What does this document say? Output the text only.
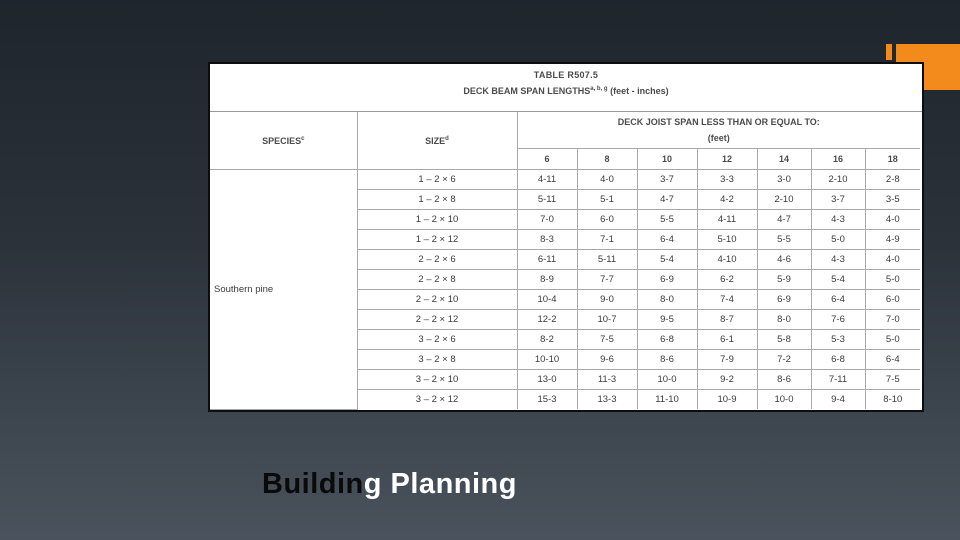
TABLE R507.5
DECK BEAM SPAN LENGTHS$^{a, b, g}$ (feet - inches)
SPECIES$^c$	SIZE$^d$	DECK JOIST SPAN LESS THAN OR EQUAL TO:
(feet)						

		6	8	10	12	14	16	18
Southern pine	1 – 2 × 6	4-11	4-0	3-7	3-3	3-0	2-10	2-8
	1 – 2 × 8	5-11	5-1	4-7	4-2	2-10	3-7	3-5
	1 – 2 × 10	7-0	6-0	5-5	4-11	4-7	4-3	4-0
	1 – 2 × 12	8-3	7-1	6-4	5-10	5-5	5-0	4-9
	2 – 2 × 6	6-11	5-11	5-4	4-10	4-6	4-3	4-0
	2 – 2 × 8	8-9	7-7	6-9	6-2	5-9	5-4	5-0
	2 – 2 × 10	10-4	9-0	8-0	7-4	6-9	6-4	6-0
	2 – 2 × 12	12-2	10-7	9-5	8-7	8-0	7-6	7-0
	3 – 2 × 6	8-2	7-5	6-8	6-1	5-8	5-3	5-0
	3 – 2 × 8	10-10	9-6	8-6	7-9	7-2	6-8	6-4
	3 – 2 × 10	13-0	11-3	10-0	9-2	8-6	7-11	7-5
	3 – 2 × 12	15-3	13-3	11-10	10-9	10-0	9-4	8-10
Building Planning
